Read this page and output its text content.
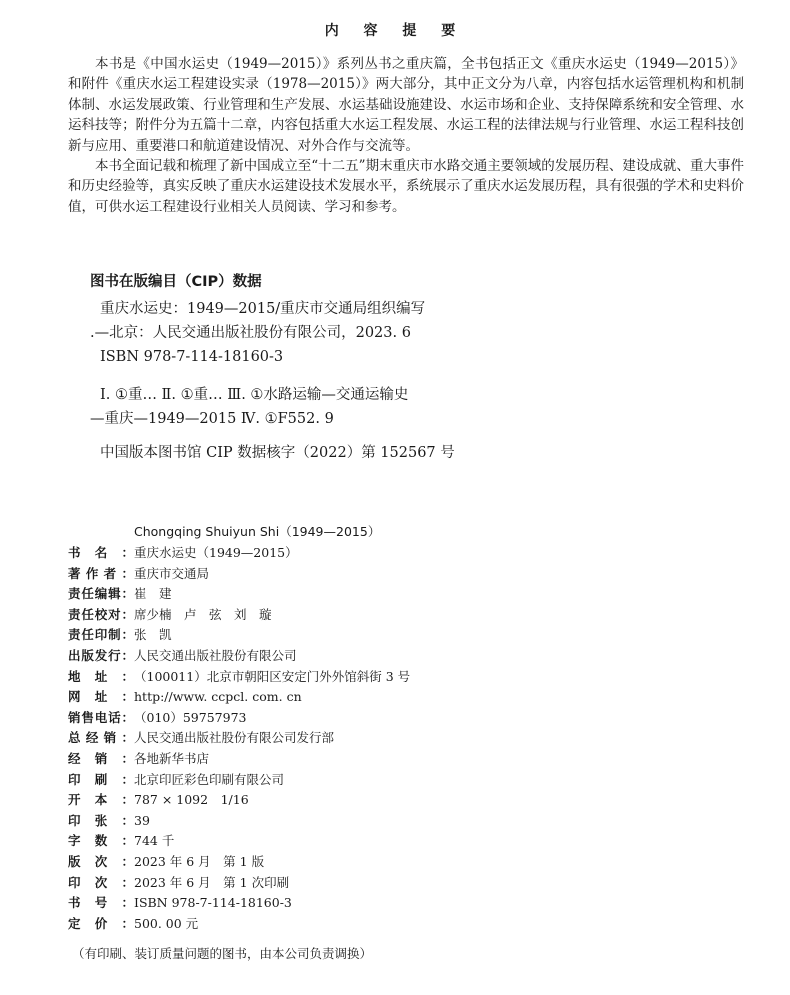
内 容 提 要

本书是《中国水运史（1949—2015）》系列丛书之重庆篇，全书包括正文《重庆水运史（1949—2015）》和附件《重庆水运工程建设实录（1978—2015）》两大部分，其中正文分为八章，内容包括水运管理机构和机制体制、水运发展政策、行业管理和生产发展、水运基础设施建设、水运市场和企业、支持保障系统和安全管理、水运科技等；附件分为五篇十二章，内容包括重大水运工程发展、水运工程的法律法规与行业管理、水运工程科技创新与应用、重要港口和航道建设情况、对外合作与交流等。

本书全面记载和梳理了新中国成立至“十二五”期末重庆市水路交通主要领域的发展历程、建设成就、重大事件和历史经验等，真实反映了重庆水运建设技术发展水平，系统展示了重庆水运发展历程，具有很强的学术和史料价值，可供水运工程建设行业相关人员阅读、学习和参考。

图书在版编目（CIP）数据
重庆水运史：1949—2015/重庆市交通局组织编写
.—北京：人民交通出版社股份有限公司，2023. 6
ISBN 978-7-114-18160-3
Ⅰ. ①重… Ⅱ. ①重… Ⅲ. ①水路运输—交通运输史
—重庆—1949—2015 Ⅳ. ①F552. 9
中国版本图书馆 CIP 数据核字（2022）第 152567 号
Chongqing Shuiyun Shi（1949—2015）
书 名 ： 重庆水运史（1949—2015）
著 作 者 ： 重庆市交通局
责 任 编 辑 ： 崔　建
责 任 校 对 ： 席少楠　卢　弦　刘　璇
责 任 印 制 ： 张　凯
出 版 发 行 ： 人民交通出版社股份有限公司
地 址 ： （100011）北京市朝阳区安定门外外馆斜街 3 号
网 址 ： http://www. ccpcl. com. cn
销 售 电 话 ： （010）59757973
总 经 销 ： 人民交通出版社股份有限公司发行部
经 销 ： 各地新华书店
印 刷 ： 北京印匠彩色印刷有限公司
开 本 ： 787 × 1092　1/16
印 张 ： 39
字 数 ： 744 千
版 次 ： 2023 年 6 月　第 1 版
印 次 ： 2023 年 6 月　第 1 次印刷
书 号 ： ISBN 978-7-114-18160-3
定 价 ： 500. 00 元
（有印刷、装订质量问题的图书，由本公司负责调换）
